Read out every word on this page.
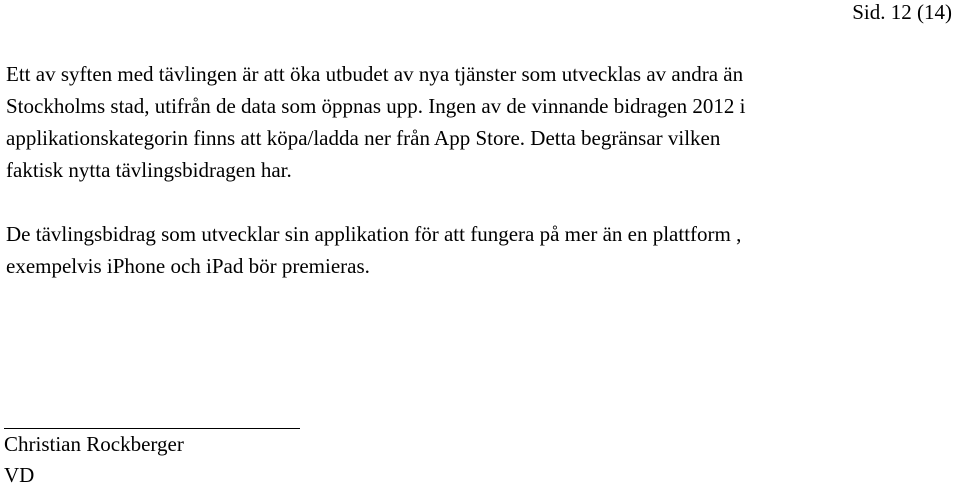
Sid. 12 (14)

Ett av syften med tävlingen är att öka utbudet av nya tjänster som utvecklas av andra än
Stockholms stad, utifrån de data som öppnas upp. Ingen av de vinnande bidragen 2012 i
applikationskategorin finns att köpa/ladda ner från App Store. Detta begränsar vilken
faktisk nytta tävlingsbidragen har.

De tävlingsbidrag som utvecklar sin applikation för att fungera på mer än en plattform ,
exempelvis iPhone och iPad bör premieras.

Christian Rockberger
VD
